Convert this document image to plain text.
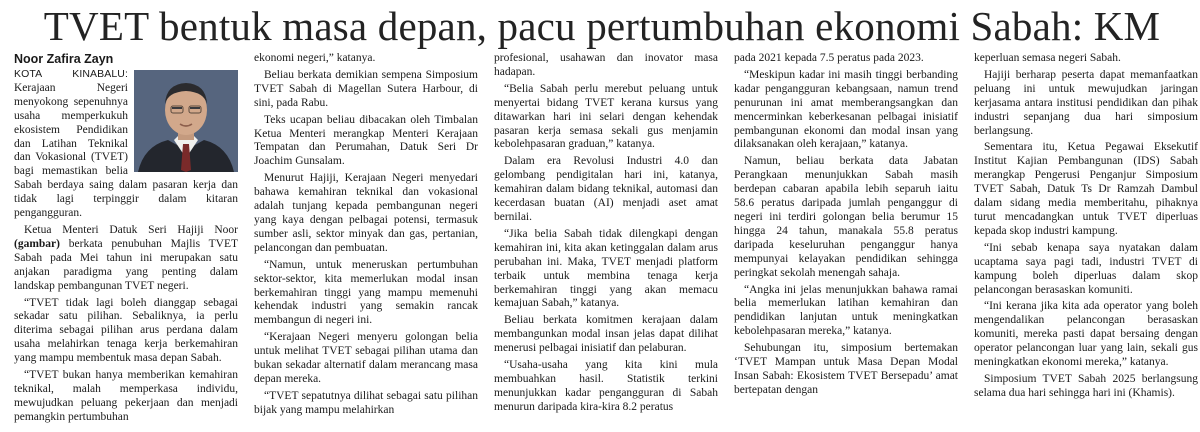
TVET bentuk masa depan, pacu pertumbuhan ekonomi Sabah: KM
Noor Zafira Zayn

KOTA KINABALU: Kerajaan Negeri menyokong sepenuhnya usaha memperkukuh ekosistem Pendidikan dan Latihan Teknikal dan Vokasional (TVET) bagi memastikan belia Sabah berdaya saing dalam pasaran kerja dan tidak lagi terpinggir dalam kitaran pengangguran.

Ketua Menteri Datuk Seri Hajiji Noor (gambar) berkata penubuhan Majlis TVET Sabah pada Mei tahun ini merupakan satu anjakan paradigma yang penting dalam landskap pembangunan TVET negeri.

“TVET tidak lagi boleh dianggap sebagai sekadar satu pilihan. Sebaliknya, ia perlu diterima sebagai pilihan arus perdana dalam usaha melahirkan tenaga kerja berkemahiran yang mampu membentuk masa depan Sabah.

“TVET bukan hanya memberikan kemahiran teknikal, malah memperkasa individu, mewujudkan peluang pekerjaan dan menjadi pemangkin pertumbuhan

ekonomi negeri,” katanya.

Beliau berkata demikian sempena Simposium TVET Sabah di Magellan Sutera Harbour, di sini, pada Rabu.

Teks ucapan beliau dibacakan oleh Timbalan Ketua Menteri merangkap Menteri Kerajaan Tempatan dan Perumahan, Datuk Seri Dr Joachim Gunsalam.

Menurut Hajiji, Kerajaan Negeri menyedari bahawa kemahiran teknikal dan vokasional adalah tunjang kepada pembangunan negeri yang kaya dengan pelbagai potensi, termasuk sumber asli, sektor minyak dan gas, pertanian, pelancongan dan pembuatan.

“Namun, untuk meneruskan pertumbuhan sektor-sektor, kita memerlukan modal insan berkemahiran tinggi yang mampu memenuhi kehendak industri yang semakin rancak membangun di negeri ini.

“Kerajaan Negeri menyeru golongan belia untuk melihat TVET sebagai pilihan utama dan bukan sekadar alternatif dalam merancang masa depan mereka.

“TVET sepatutnya dilihat sebagai satu pilihan bijak yang mampu melahirkan

profesional, usahawan dan inovator masa hadapan.

“Belia Sabah perlu merebut peluang untuk menyertai bidang TVET kerana kursus yang ditawarkan hari ini selari dengan kehendak pasaran kerja semasa sekali gus menjamin kebolehpasaran graduan,” katanya.

Dalam era Revolusi Industri 4.0 dan gelombang pendigitalan hari ini, katanya, kemahiran dalam bidang teknikal, automasi dan kecerdasan buatan (AI) menjadi aset amat bernilai.

“Jika belia Sabah tidak dilengkapi dengan kemahiran ini, kita akan ketinggalan dalam arus perubahan ini. Maka, TVET menjadi platform terbaik untuk membina tenaga kerja berkemahiran tinggi yang akan memacu kemajuan Sabah,” katanya.

Beliau berkata komitmen kerajaan dalam membangunkan modal insan jelas dapat dilihat menerusi pelbagai inisiatif dan pelaburan.

“Usaha-usaha yang kita kini mula membuahkan hasil. Statistik terkini menunjukkan kadar pengangguran di Sabah menurun daripada kira-kira 8.2 peratus

pada 2021 kepada 7.5 peratus pada 2023.

“Meskipun kadar ini masih tinggi berbanding kadar pengangguran kebangsaan, namun trend penurunan ini amat memberangsangkan dan mencerminkan keberkesanan pelbagai inisiatif pembangunan ekonomi dan modal insan yang dilaksanakan oleh kerajaan,” katanya.

Namun, beliau berkata data Jabatan Perangkaan menunjukkan Sabah masih berdepan cabaran apabila lebih separuh iaitu 58.6 peratus daripada jumlah penganggur di negeri ini terdiri golongan belia berumur 15 hingga 24 tahun, manakala 55.8 peratus daripada keseluruhan penganggur hanya mempunyai kelayakan pendidikan sehingga peringkat sekolah menengah sahaja.

“Angka ini jelas menunjukkan bahawa ramai belia memerlukan latihan kemahiran dan pendidikan lanjutan untuk meningkatkan kebolehpasaran mereka,” katanya.

Sehubungan itu, simposium bertemakan ‘TVET Mampan untuk Masa Depan Modal Insan Sabah: Ekosistem TVET Bersepadu’ amat bertepatan dengan

keperluan semasa negeri Sabah.

Hajiji berharap peserta dapat memanfaatkan peluang ini untuk mewujudkan jaringan kerjasama antara institusi pendidikan dan pihak industri sepanjang dua hari simposium berlangsung.

Sementara itu, Ketua Pegawai Eksekutif Institut Kajian Pembangunan (IDS) Sabah merangkap Pengerusi Penganjur Simposium TVET Sabah, Datuk Ts Dr Ramzah Dambul dalam sidang media memberitahu, pihaknya turut mencadangkan untuk TVET diperluas kepada skop industri kampung.

“Ini sebab kenapa saya nyatakan dalam ucaptama saya pagi tadi, industri TVET di kampung boleh diperluas dalam skop pelancongan berasaskan komuniti.

“Ini kerana jika kita ada operator yang boleh mengendalikan pelancongan berasaskan komuniti, mereka pasti dapat bersaing dengan operator pelancongan luar yang lain, sekali gus meningkatkan ekonomi mereka,” katanya.

Simposium TVET Sabah 2025 berlangsung selama dua hari sehingga hari ini (Khamis).
